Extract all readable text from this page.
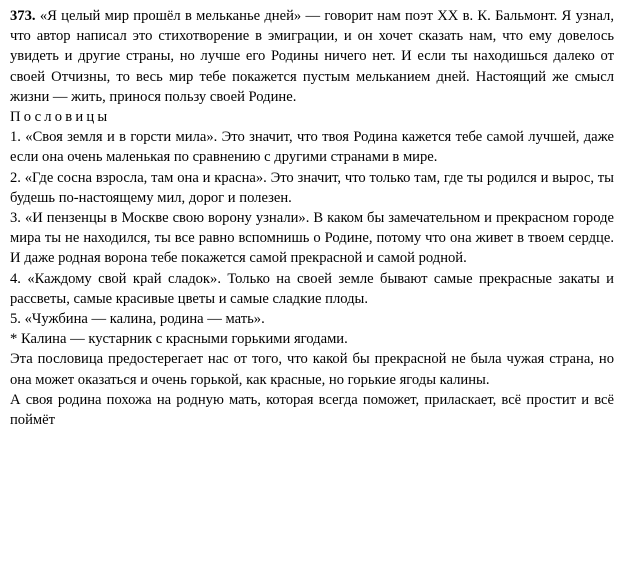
373. «Я целый мир прошёл в мельканье дней» — говорит нам поэт XX в. К. Бальмонт. Я узнал, что автор написал это стихотворение в эмиграции, и он хочет сказать нам, что ему довелось увидеть и другие страны, но лучше его Родины ничего нет. И если ты находишься далеко от своей Отчизны, то весь мир тебе покажется пустым мельканием дней. Настоящий же смысл жизни — жить, принося пользу своей Родине.

Пословицы

1. «Своя земля и в горсти мила». Это значит, что твоя Родина кажется тебе самой лучшей, даже если она очень маленькая по сравнению с другими странами в мире.

2. «Где сосна взросла, там она и красна». Это значит, что только там, где ты родился и вырос, ты будешь по-настоящему мил, дорог и полезен.

3. «И пензенцы в Москве свою ворону узнали». В каком бы замечательном и прекрасном городе мира ты не находился, ты все равно вспомнишь о Родине, потому что она живет в твоем сердце. И даже родная ворона тебе покажется самой прекрасной и самой родной.

4. «Каждому свой край сладок». Только на своей земле бывают самые прекрасные закаты и рассветы, самые красивые цветы и самые сладкие плоды.

5. «Чужбина — калина, родина — мать».

* Калина — кустарник с красными горькими ягодами.

Эта пословица предостерегает нас от того, что какой бы прекрасной не была чужая страна, но она может оказаться и очень горькой, как красные, но горькие ягоды калины.

А своя родина похожа на родную мать, которая всегда поможет, приласкает, всё простит и всё поймёт
